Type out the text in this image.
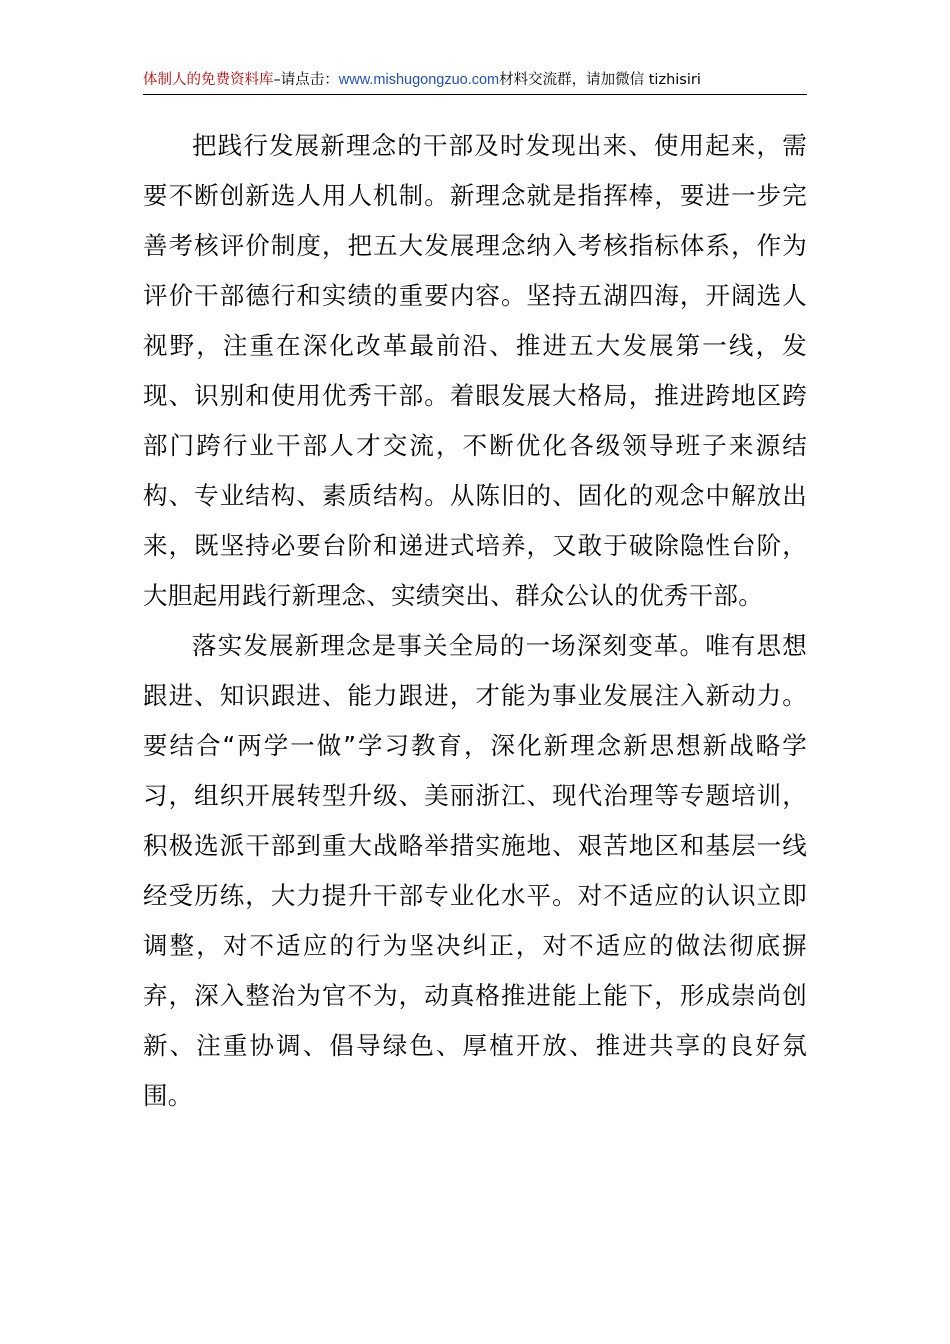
体制人的免费资料库–请点击：www.mishugongzuo.com材料交流群，请加微信 tizhisiri

把践行发展新理念的干部及时发现出来、使用起来，需要不断创新选人用人机制。新理念就是指挥棒，要进一步完善考核评价制度，把五大发展理念纳入考核指标体系，作为评价干部德行和实绩的重要内容。坚持五湖四海，开阔选人视野，注重在深化改革最前沿、推进五大发展第一线，发现、识别和使用优秀干部。着眼发展大格局，推进跨地区跨部门跨行业干部人才交流，不断优化各级领导班子来源结构、专业结构、素质结构。从陈旧的、固化的观念中解放出来，既坚持必要台阶和递进式培养，又敢于破除隐性台阶，大胆起用践行新理念、实绩突出、群众公认的优秀干部。

落实发展新理念是事关全局的一场深刻变革。唯有思想跟进、知识跟进、能力跟进，才能为事业发展注入新动力。要结合“两学一做”学习教育，深化新理念新思想新战略学习，组织开展转型升级、美丽浙江、现代治理等专题培训，积极选派干部到重大战略举措实施地、艰苦地区和基层一线经受历练，大力提升干部专业化水平。对不适应的认识立即调整，对不适应的行为坚决纠正，对不适应的做法彻底摒弃，深入整治为官不为，动真格推进能上能下，形成崇尚创新、注重协调、倡导绿色、厚植开放、推进共享的良好氛围。
